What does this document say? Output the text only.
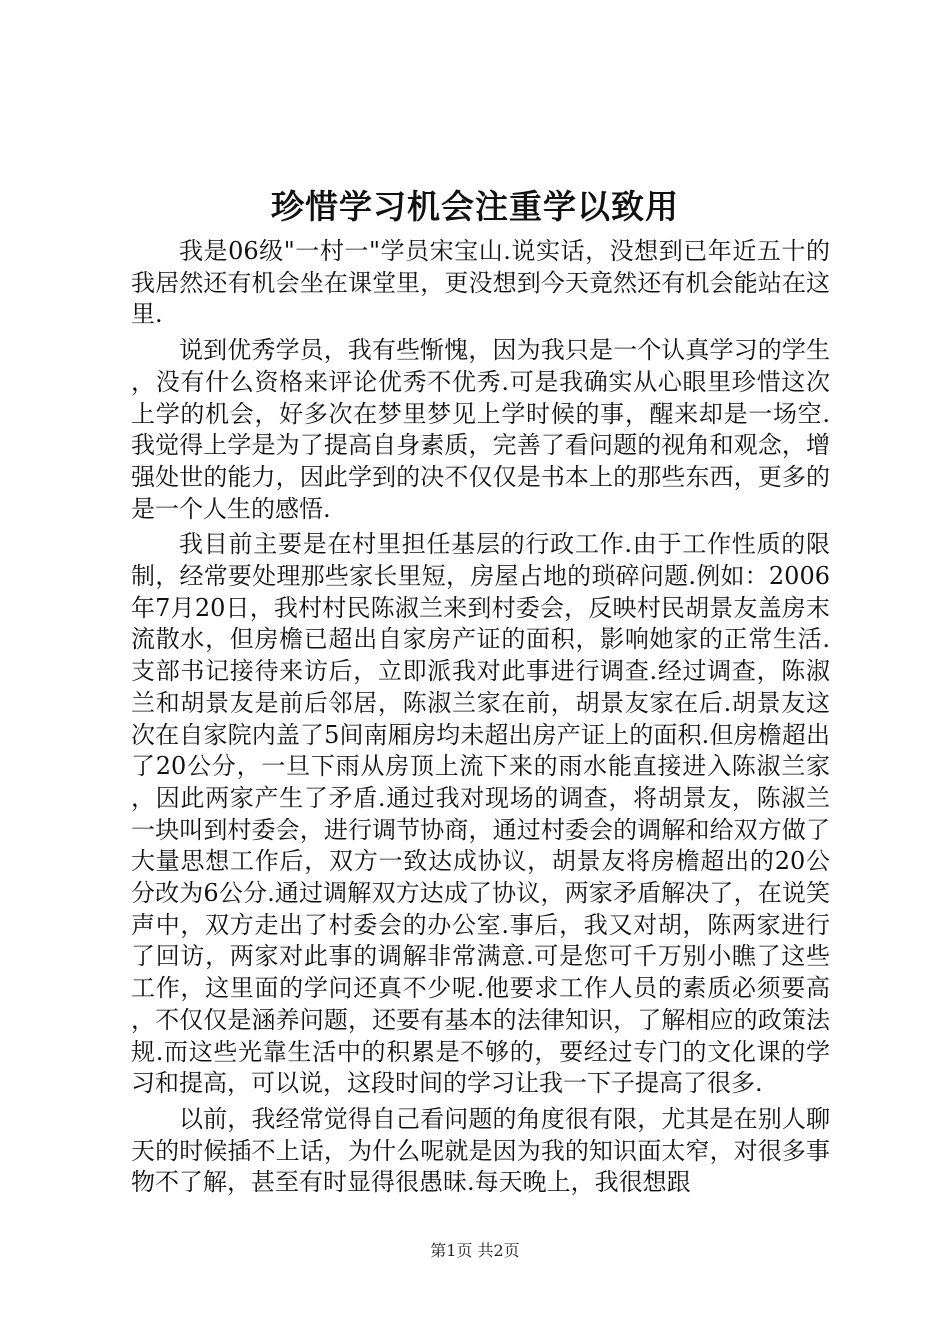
珍惜学习机会注重学以致用

我是06级"一村一"学员宋宝山.说实话，没想到已年近五十的我居然还有机会坐在课堂里，更没想到今天竟然还有机会能站在这里.

说到优秀学员，我有些惭愧，因为我只是一个认真学习的学生，没有什么资格来评论优秀不优秀.可是我确实从心眼里珍惜这次上学的机会，好多次在梦里梦见上学时候的事，醒来却是一场空.我觉得上学是为了提高自身素质，完善了看问题的视角和观念，增强处世的能力，因此学到的决不仅仅是书本上的那些东西，更多的是一个人生的感悟.

我目前主要是在村里担任基层的行政工作.由于工作性质的限制，经常要处理那些家长里短，房屋占地的琐碎问题.例如：2006年7月20日，我村村民陈淑兰来到村委会，反映村民胡景友盖房末流散水，但房檐已超出自家房产证的面积，影响她家的正常生活.支部书记接待来访后，立即派我对此事进行调查.经过调查，陈淑兰和胡景友是前后邻居，陈淑兰家在前，胡景友家在后.胡景友这次在自家院内盖了5间南厢房均未超出房产证上的面积.但房檐超出了20公分，一旦下雨从房顶上流下来的雨水能直接进入陈淑兰家，因此两家产生了矛盾.通过我对现场的调查，将胡景友，陈淑兰一块叫到村委会，进行调节协商，通过村委会的调解和给双方做了大量思想工作后，双方一致达成协议，胡景友将房檐超出的20公分改为6公分.通过调解双方达成了协议，两家矛盾解决了，在说笑声中，双方走出了村委会的办公室.事后，我又对胡，陈两家进行了回访，两家对此事的调解非常满意.可是您可千万别小瞧了这些工作，这里面的学问还真不少呢.他要求工作人员的素质必须要高，不仅仅是涵养问题，还要有基本的法律知识，了解相应的政策法规.而这些光靠生活中的积累是不够的，要经过专门的文化课的学习和提高，可以说，这段时间的学习让我一下子提高了很多.

以前，我经常觉得自己看问题的角度很有限，尤其是在别人聊天的时候插不上话，为什么呢就是因为我的知识面太窄，对很多事物不了解，甚至有时显得很愚昧.每天晚上，我很想跟

第1页 共2页
